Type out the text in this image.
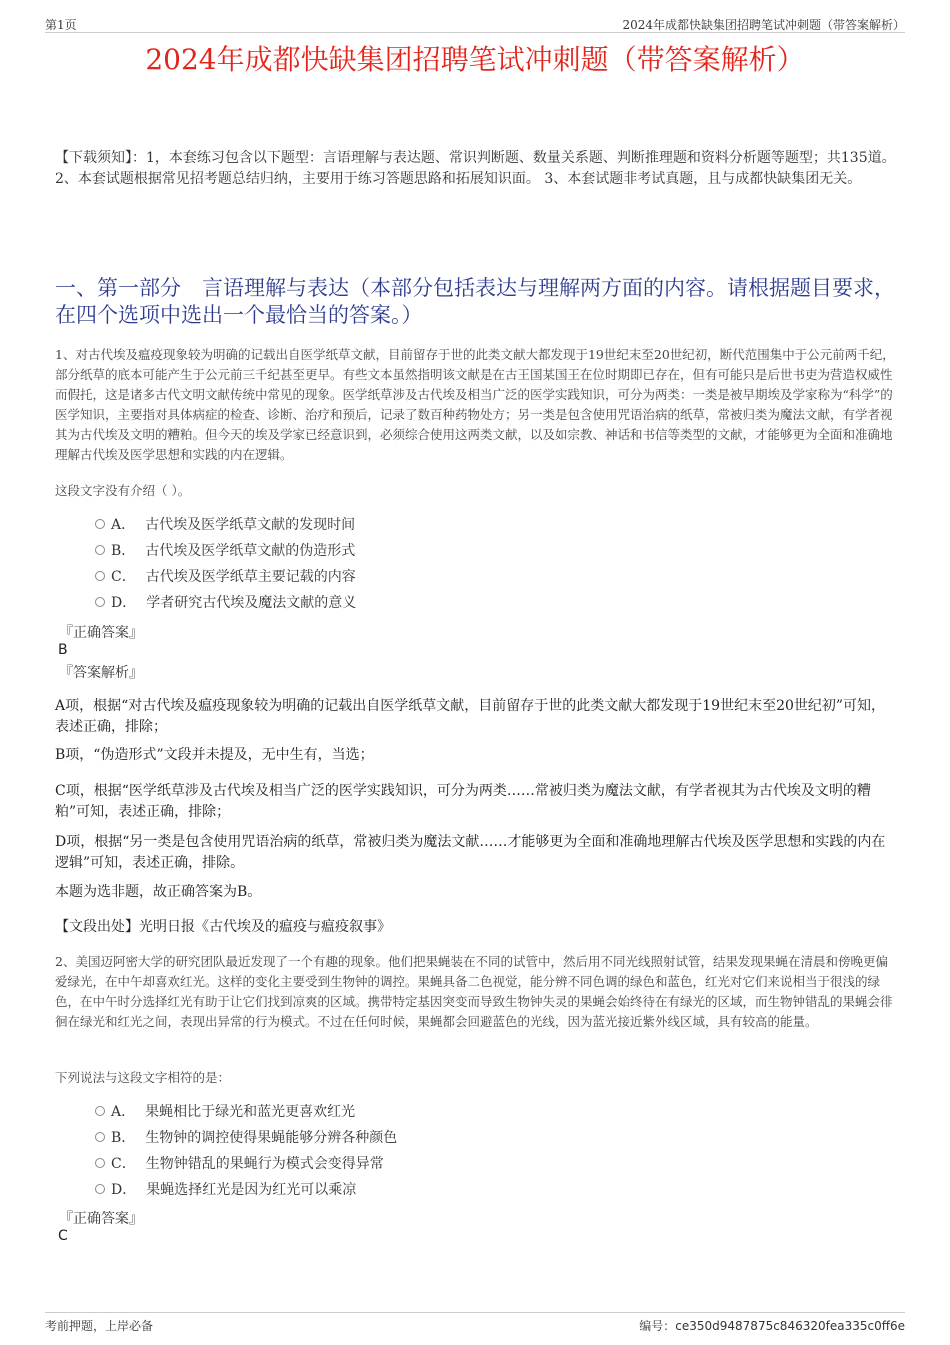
第1页	2024年成都快缺集团招聘笔试冲刺题（带答案解析）
2024年成都快缺集团招聘笔试冲刺题（带答案解析）
【下载须知】：1，本套练习包含以下题型：言语理解与表达题、常识判断题、数量关系题、判断推理题和资料分析题等题型；共135道。 2、本套试题根据常见招考题总结归纳，主要用于练习答题思路和拓展知识面。 3、本套试题非考试真题，且与成都快缺集团无关。
一、第一部分　言语理解与表达（本部分包括表达与理解两方面的内容。请根据题目要求，在四个选项中选出一个最恰当的答案。）
1、对古代埃及瘟疫现象较为明确的记载出自医学纸草文献，目前留存于世的此类文献大都发现于19世纪末至20世纪初，断代范围集中于公元前两千纪，部分纸草的底本可能产生于公元前三千纪甚至更早。有些文本虽然指明该文献是在古王国某国王在位时期即已存在，但有可能只是后世书吏为营造权威性而假托，这是诸多古代文明文献传统中常见的现象。医学纸草涉及古代埃及相当广泛的医学实践知识，可分为两类：一类是被早期埃及学家称为“科学”的医学知识，主要指对具体病症的检查、诊断、治疗和预后，记录了数百种药物处方；另一类是包含使用咒语治病的纸草，常被归类为魔法文献，有学者视其为古代埃及文明的糟粕。但今天的埃及学家已经意识到，必须综合使用这两类文献，以及如宗教、神话和书信等类型的文献，才能够更为全面和准确地理解古代埃及医学思想和实践的内在逻辑。
这段文字没有介绍（ ）。
A． 古代埃及医学纸草文献的发现时间
B． 古代埃及医学纸草文献的伪造形式
C． 古代埃及医学纸草主要记载的内容
D． 学者研究古代埃及魔法文献的意义
『正确答案』
B
『答案解析』
A项，根据“对古代埃及瘟疫现象较为明确的记载出自医学纸草文献，目前留存于世的此类文献大都发现于19世纪末至20世纪初”可知，表述正确，排除；
B项，“伪造形式”文段并未提及，无中生有，当选；
C项，根据“医学纸草涉及古代埃及相当广泛的医学实践知识，可分为两类……常被归类为魔法文献，有学者视其为古代埃及文明的糟粕”可知，表述正确，排除；
D项，根据“另一类是包含使用咒语治病的纸草，常被归类为魔法文献……才能够更为全面和准确地理解古代埃及医学思想和实践的内在逻辑”可知，表述正确，排除。
本题为选非题，故正确答案为B。
【文段出处】光明日报《古代埃及的瘟疫与瘟疫叙事》
2、美国迈阿密大学的研究团队最近发现了一个有趣的现象。他们把果蝇装在不同的试管中，然后用不同光线照射试管，结果发现果蝇在清晨和傍晚更偏爱绿光，在中午却喜欢红光。这样的变化主要受到生物钟的调控。果蝇具备二色视觉，能分辨不同色调的绿色和蓝色，红光对它们来说相当于很浅的绿色，在中午时分选择红光有助于让它们找到凉爽的区域。携带特定基因突变而导致生物钟失灵的果蝇会始终待在有绿光的区域，而生物钟错乱的果蝇会徘徊在绿光和红光之间，表现出异常的行为模式。不过在任何时候，果蝇都会回避蓝色的光线，因为蓝光接近紫外线区域，具有较高的能量。
下列说法与这段文字相符的是：
A． 果蝇相比于绿光和蓝光更喜欢红光
B． 生物钟的调控使得果蝇能够分辨各种颜色
C． 生物钟错乱的果蝇行为模式会变得异常
D． 果蝇选择红光是因为红光可以乘凉
『正确答案』
C
考前押题，上岸必备	编号：ce350d9487875c846320fea335c0ff6e
